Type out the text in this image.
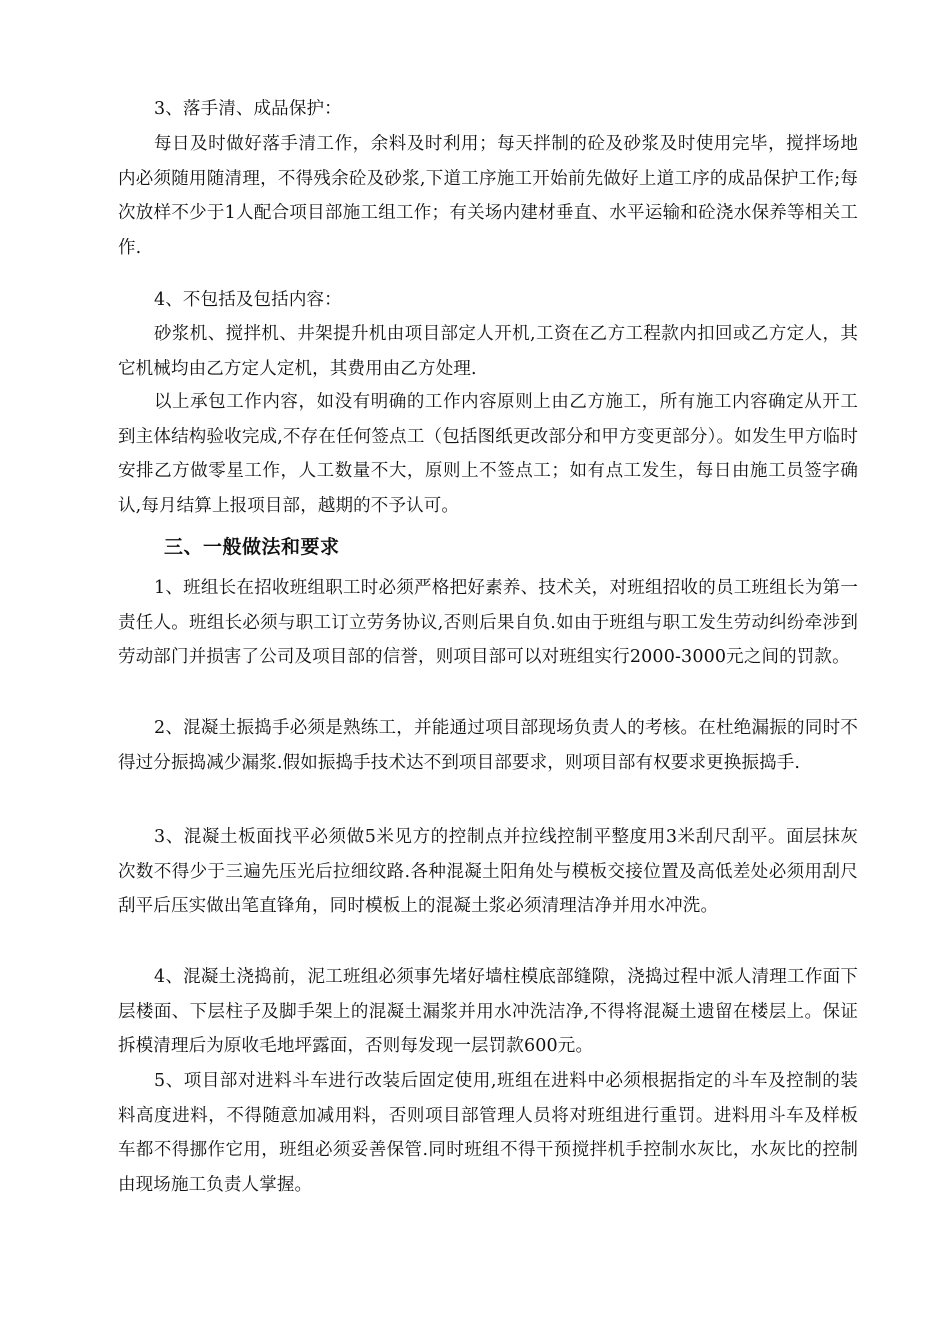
3、落手清、成品保护：

每日及时做好落手清工作，余料及时利用；每天拌制的砼及砂浆及时使用完毕，搅拌场地内必须随用随清理，不得残余砼及砂浆,下道工序施工开始前先做好上道工序的成品保护工作;每次放样不少于1人配合项目部施工组工作；有关场内建材垂直、水平运输和砼浇水保养等相关工作.

4、不包括及包括内容：

砂浆机、搅拌机、井架提升机由项目部定人开机,工资在乙方工程款内扣回或乙方定人，其它机械均由乙方定人定机，其费用由乙方处理.

以上承包工作内容，如没有明确的工作内容原则上由乙方施工，所有施工内容确定从开工到主体结构验收完成,不存在任何签点工（包括图纸更改部分和甲方变更部分）。如发生甲方临时安排乙方做零星工作，人工数量不大，原则上不签点工；如有点工发生，每日由施工员签字确认,每月结算上报项目部，越期的不予认可。

三、一般做法和要求

1、班组长在招收班组职工时必须严格把好素养、技术关，对班组招收的员工班组长为第一责任人。班组长必须与职工订立劳务协议,否则后果自负.如由于班组与职工发生劳动纠纷牵涉到劳动部门并损害了公司及项目部的信誉，则项目部可以对班组实行2000-3000元之间的罚款。

2、混凝土振捣手必须是熟练工，并能通过项目部现场负责人的考核。在杜绝漏振的同时不得过分振捣减少漏浆.假如振捣手技术达不到项目部要求，则项目部有权要求更换振捣手.

3、混凝土板面找平必须做5米见方的控制点并拉线控制平整度用3米刮尺刮平。面层抹灰次数不得少于三遍先压光后拉细纹路.各种混凝土阳角处与模板交接位置及高低差处必须用刮尺刮平后压实做出笔直锋角，同时模板上的混凝土浆必须清理洁净并用水冲洗。

4、混凝土浇捣前，泥工班组必须事先堵好墙柱模底部缝隙，浇捣过程中派人清理工作面下层楼面、下层柱子及脚手架上的混凝土漏浆并用水冲洗洁净,不得将混凝土遗留在楼层上。保证拆模清理后为原收毛地坪露面，否则每发现一层罚款600元。

5、项目部对进料斗车进行改装后固定使用,班组在进料中必须根据指定的斗车及控制的装料高度进料，不得随意加减用料，否则项目部管理人员将对班组进行重罚。进料用斗车及样板车都不得挪作它用，班组必须妥善保管.同时班组不得干预搅拌机手控制水灰比，水灰比的控制由现场施工负责人掌握。
